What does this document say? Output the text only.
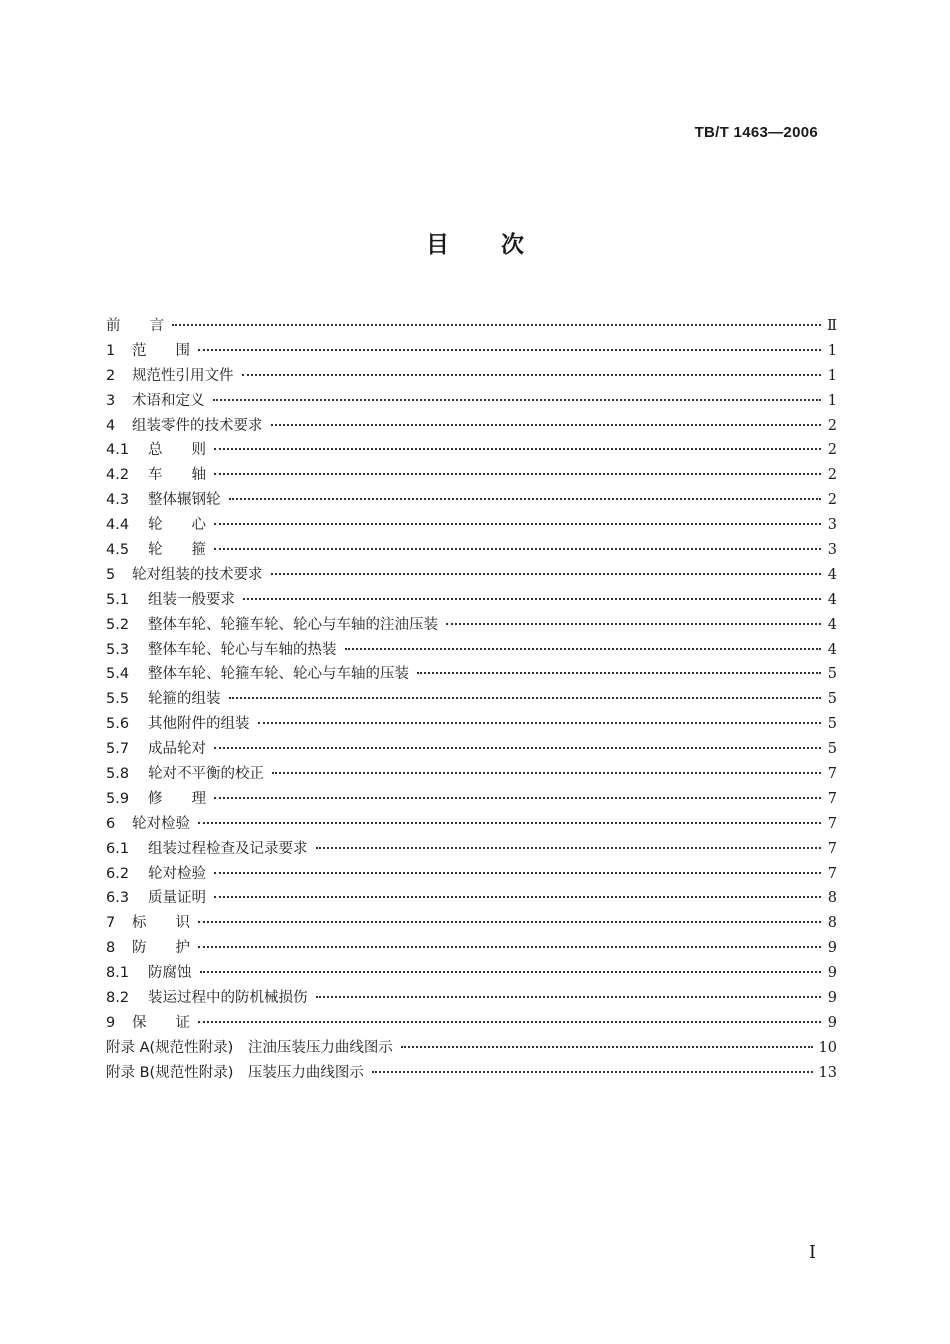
TB/T 1463—2006
目 次
前　　言	Ⅱ
1	范　　围	1
2	规范性引用文件	1
3	术语和定义	1
4	组装零件的技术要求	2
4.1	总　　则	2
4.2	车　　轴	2
4.3	整体辗钢轮	2
4.4	轮　　心	3
4.5	轮　　箍	3
5	轮对组装的技术要求	4
5.1	组装一般要求	4
5.2	整体车轮、轮箍车轮、轮心与车轴的注油压装	4
5.3	整体车轮、轮心与车轴的热装	4
5.4	整体车轮、轮箍车轮、轮心与车轴的压装	5
5.5	轮箍的组装	5
5.6	其他附件的组装	5
5.7	成品轮对	5
5.8	轮对不平衡的校正	7
5.9	修　　理	7
6	轮对检验	7
6.1	组装过程检查及记录要求	7
6.2	轮对检验	7
6.3	质量证明	8
7	标　　识	8
8	防　　护	9
8.1	防腐蚀	9
8.2	装运过程中的防机械损伤	9
9	保　　证	9
附录 A(规范性附录)　注油压装压力曲线图示	10
附录 B(规范性附录)　压装压力曲线图示	13
I
